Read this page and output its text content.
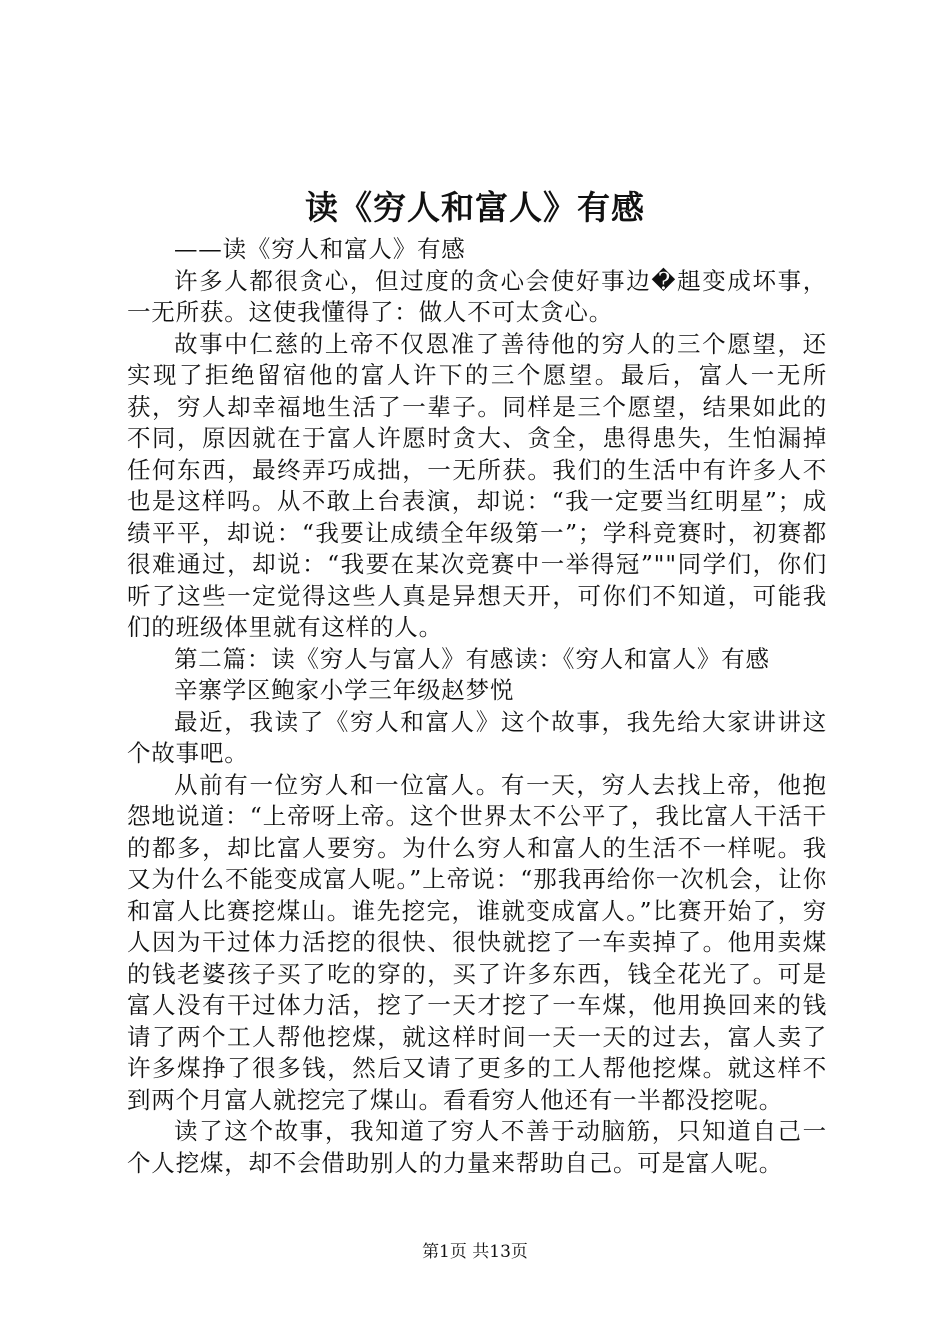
读《穷人和富人》有感

——读《穷人和富人》有感

许多人都很贪心，但过度的贪心会使好事边�趄变成坏事，一无所获。这使我懂得了：做人不可太贪心。

故事中仁慈的上帝不仅恩准了善待他的穷人的三个愿望，还实现了拒绝留宿他的富人许下的三个愿望。最后，富人一无所获，穷人却幸福地生活了一辈子。同样是三个愿望，结果如此的不同，原因就在于富人许愿时贪大、贪全，患得患失，生怕漏掉任何东西，最终弄巧成拙，一无所获。我们的生活中有许多人不也是这样吗。从不敢上台表演，却说：“我一定要当红明星”；成绩平平，却说：“我要让成绩全年级第一”；学科竞赛时，初赛都很难通过，却说：“我要在某次竞赛中一举得冠”""同学们，你们听了这些一定觉得这些人真是异想天开，可你们不知道，可能我们的班级体里就有这样的人。

第二篇：读《穷人与富人》有感读：《穷人和富人》有感

辛寨学区鲍家小学三年级赵梦悦

最近，我读了《穷人和富人》这个故事，我先给大家讲讲这个故事吧。

从前有一位穷人和一位富人。有一天，穷人去找上帝，他抱怨地说道：“上帝呀上帝。这个世界太不公平了，我比富人干活干的都多，却比富人要穷。为什么穷人和富人的生活不一样呢。我又为什么不能变成富人呢。”上帝说：“那我再给你一次机会，让你和富人比赛挖煤山。谁先挖完，谁就变成富人。”比赛开始了，穷人因为干过体力活挖的很快、很快就挖了一车卖掉了。他用卖煤的钱老婆孩子买了吃的穿的，买了许多东西，钱全花光了。可是富人没有干过体力活，挖了一天才挖了一车煤，他用换回来的钱请了两个工人帮他挖煤，就这样时间一天一天的过去，富人卖了许多煤挣了很多钱，然后又请了更多的工人帮他挖煤。就这样不到两个月富人就挖完了煤山。看看穷人他还有一半都没挖呢。

读了这个故事，我知道了穷人不善于动脑筋，只知道自己一个人挖煤，却不会借助别人的力量来帮助自己。可是富人呢。

第1页 共13页
